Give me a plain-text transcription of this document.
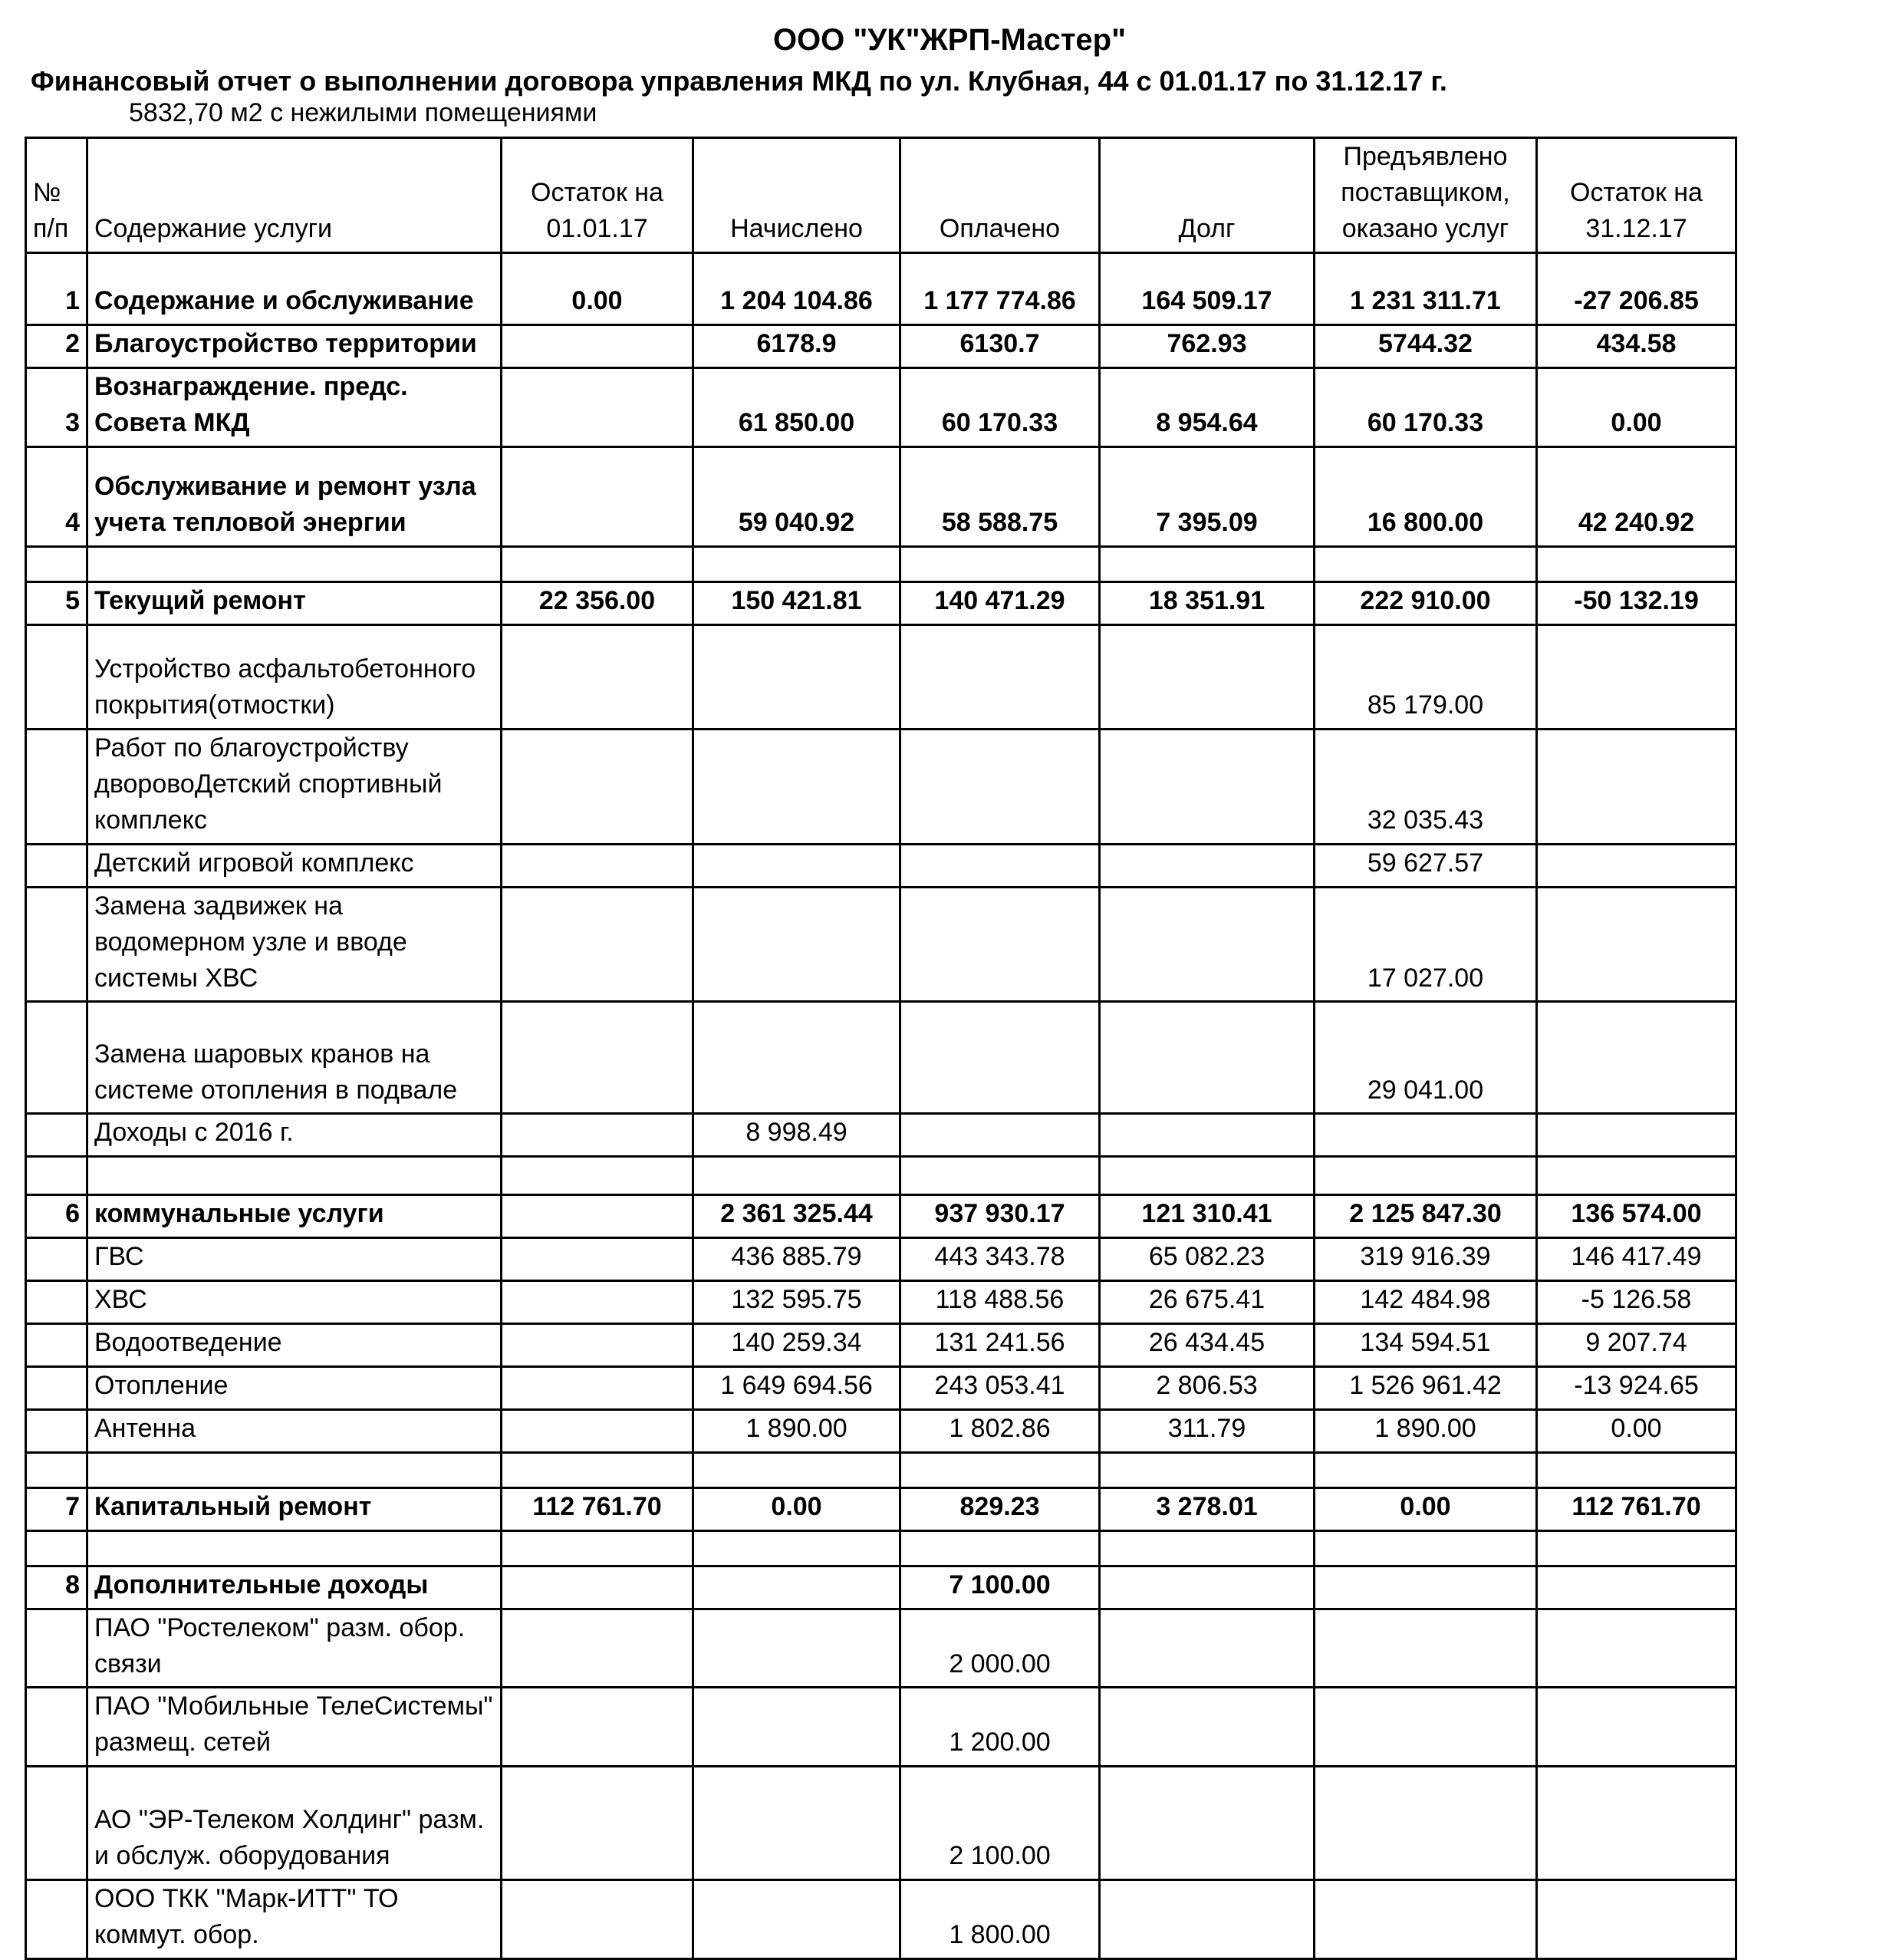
ООО "УК"ЖРП-Мастер"
Финансовый отчет о выполнении договора управления МКД по ул. Клубная, 44 с 01.01.17 по 31.12.17 г.
5832,70 м2 с нежилыми помещениями
№ п/п	Содержание услуги	Остаток на 01.01.17	Начислено	Оплачено	Долг	Предъявлено поставщиком, оказано услуг	Остаток на 31.12.17
1	Содержание и обслуживание	0.00	1 204 104.86	1 177 774.86	164 509.17	1 231 311.71	-27 206.85
2	Благоустройство территории		6178.9	6130.7	762.93	5744.32	434.58
3	Вознаграждение. предс. Совета МКД		61 850.00	60 170.33	8 954.64	60 170.33	0.00
4	Обслуживание и ремонт узла учета тепловой энергии		59 040.92	58 588.75	7 395.09	16 800.00	42 240.92

5	Текущий ремонт	22 356.00	150 421.81	140 471.29	18 351.91	222 910.00	-50 132.19
	Устройство асфальтобетонного покрытия(отмостки)					85 179.00	
	Работ по благоустройству дворовоДетский спортивный комплекс					32 035.43	
	Детский игровой комплекс					59 627.57	
	Замена задвижек на водомерном узле и вводе системы ХВС					17 027.00	
	Замена шаровых кранов на системе отопления в подвале					29 041.00	
	Доходы с 2016 г.		8 998.49				

6	коммунальные услуги		2 361 325.44	937 930.17	121 310.41	2 125 847.30	136 574.00
	ГВС		436 885.79	443 343.78	65 082.23	319 916.39	146 417.49
	ХВС		132 595.75	118 488.56	26 675.41	142 484.98	-5 126.58
	Водоотведение		140 259.34	131 241.56	26 434.45	134 594.51	9 207.74
	Отопление		1 649 694.56	243 053.41	2 806.53	1 526 961.42	-13 924.65
	Антенна		1 890.00	1 802.86	311.79	1 890.00	0.00

7	Капитальный ремонт	112 761.70	0.00	829.23	3 278.01	0.00	112 761.70

8	Дополнительные доходы			7 100.00			
	ПАО "Ростелеком" разм. обор. связи			2 000.00			
	ПАО "Мобильные ТелеСистемы" размещ. сетей			1 200.00			
	АО "ЭР-Телеком Холдинг" разм. и обслуж. оборудования			2 100.00			
	ООО ТКК "Марк-ИТТ" ТО коммут. обор.			1 800.00			
